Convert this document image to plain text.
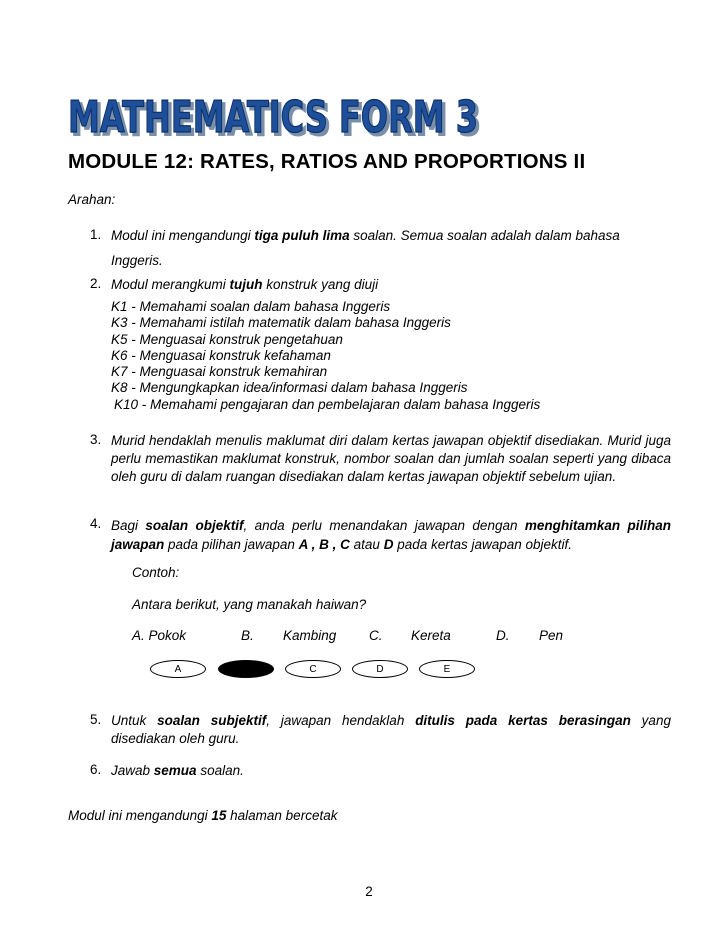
MATHEMATICS FORM 3
MATHEMATICS FORM 3
MODULE 12: RATES, RATIOS AND PROPORTIONS II
Arahan:
1. Modul ini mengandungi tiga puluh lima soalan. Semua soalan adalah dalam bahasa
Inggeris.
2. Modul merangkumi tujuh konstruk yang diuji
K1 - Memahami soalan dalam bahasa Inggeris
K3 - Memahami istilah matematik dalam bahasa Inggeris
K5 - Menguasai konstruk pengetahuan
K6 - Menguasai konstruk kefahaman
K7 - Menguasai konstruk kemahiran
K8 - Mengungkapkan idea/informasi dalam bahasa Inggeris
K10 - Memahami pengajaran dan pembelajaran dalam bahasa Inggeris
3. Murid hendaklah menulis maklumat diri dalam kertas jawapan objektif disediakan. Murid juga perlu memastikan maklumat konstruk, nombor soalan dan jumlah soalan seperti yang dibaca oleh guru di dalam ruangan disediakan dalam kertas jawapan objektif sebelum ujian.
4. Bagi soalan objektif, anda perlu menandakan jawapan dengan menghitamkan pilihan jawapan pada pilihan jawapan A , B , C atau D pada kertas jawapan objektif.
Contoh:
Antara berikut, yang manakah haiwan?
A. Pokok	B. Kambing C. Kereta	D. Pen
A	C	D	E
5. Untuk soalan subjektif, jawapan hendaklah ditulis pada kertas berasingan yang disediakan oleh guru.
6. Jawab semua soalan.
Modul ini mengandungi 15 halaman bercetak
2
